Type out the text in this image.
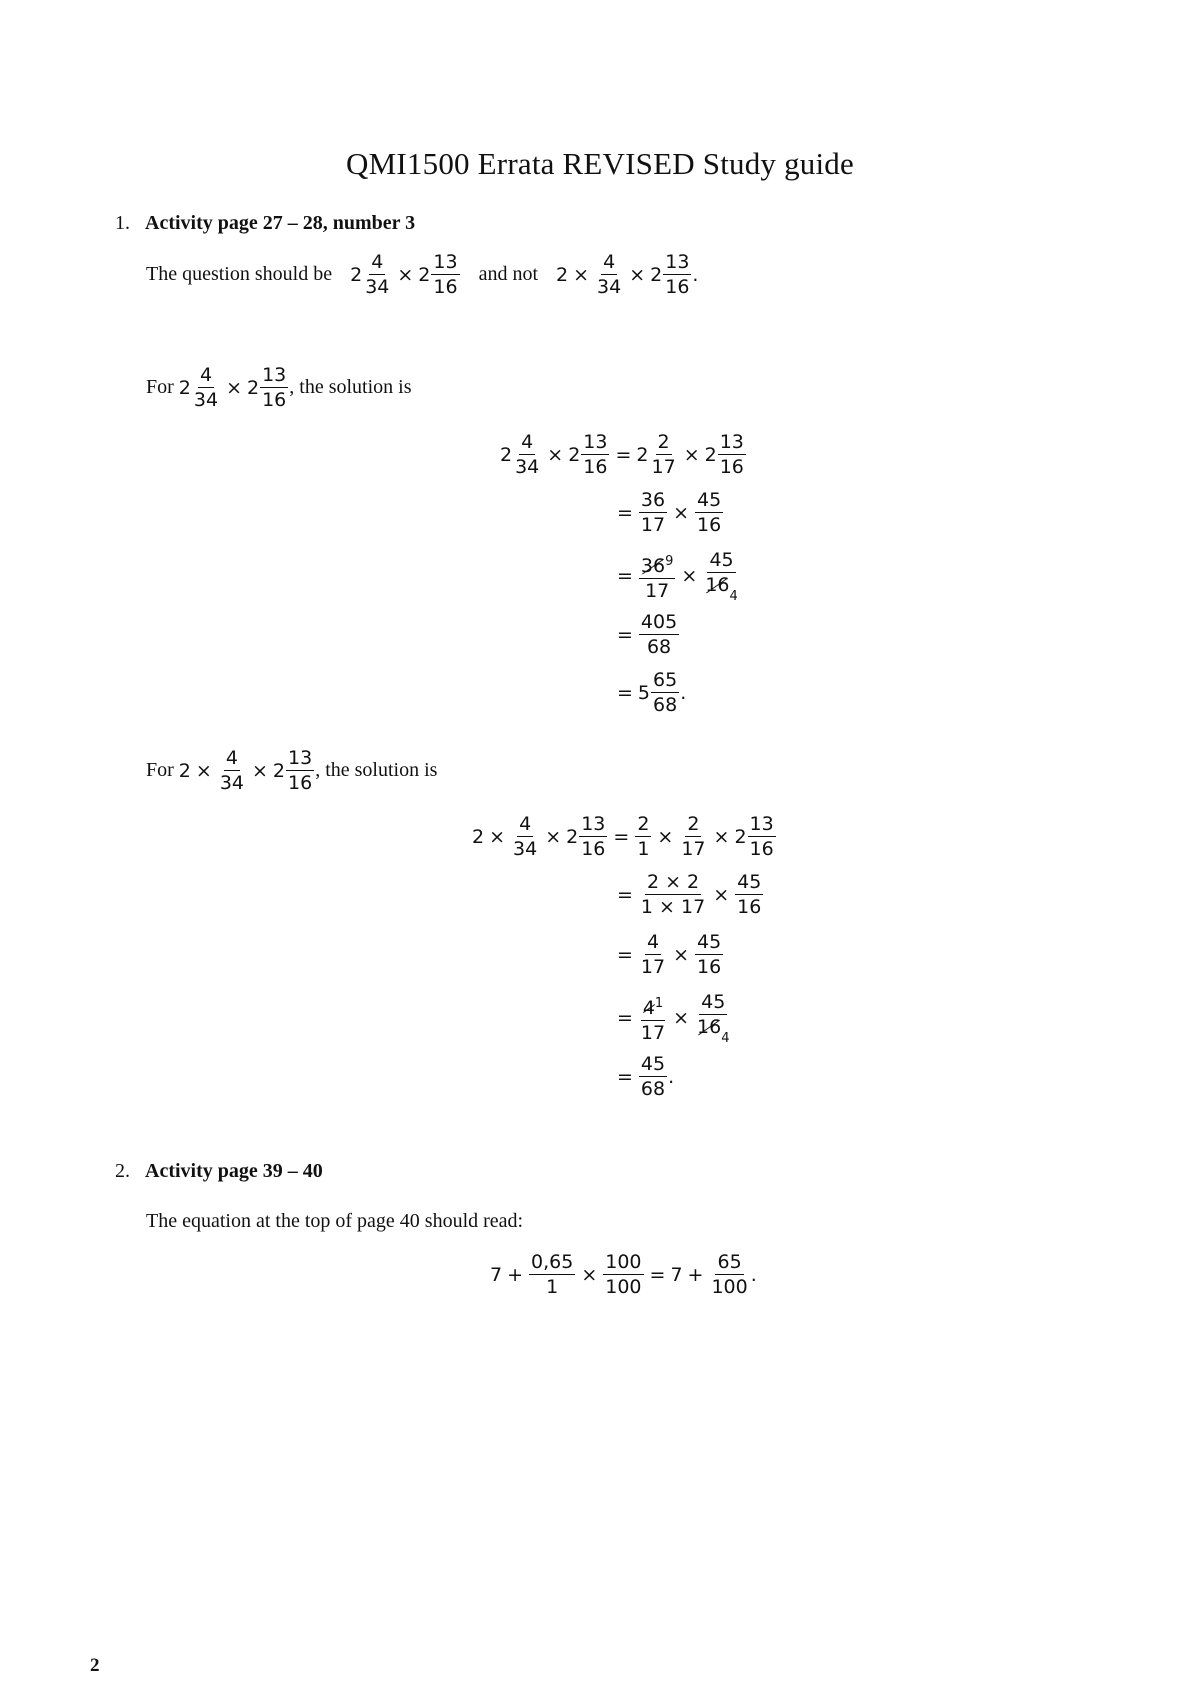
QMI1500 Errata REVISED Study guide
1. Activity page 27 – 28, number 3
The question should be $2 \frac{4}{34} \times 2 \frac{13}{16}$ and not $2 \times \frac{4}{34} \times 2 \frac{13}{16}$ .
For
$2 \frac{4}{34} \times 2 \frac{13}{16}$ , the solution is
$2 \frac{4}{34} \times 2 \frac{13}{16} = 2 \frac{2}{17} \times 2 \frac{13}{16}$
= $\frac{36}{17} \times \frac{45}{16}$
= $\frac{36^9}{17} \times \frac{45}{16_4}$
= $\frac{405}{68}$
= $5 \frac{65}{68}$ .
For
$2 \times \frac{4}{34} \times 2 \frac{13}{16}$ , the solution is
$2 \times \frac{4}{34} \times 2 \frac{13}{16} = \frac{2}{1} \times \frac{2}{17} \times 2 \frac{13}{16}$
= $\frac{2 \times 2}{1 \times 17} \times \frac{45}{16}$
= $\frac{4}{17} \times \frac{45}{16}$
= $\frac{4^1}{17} \times \frac{45}{16_4}$
= $\frac{45}{68}$ .
2. Activity page 39 – 40
The equation at the top of page 40 should read:
$7 + \frac{0,65}{1} \times \frac{100}{100} = 7 + \frac{65}{100}$ .
2
